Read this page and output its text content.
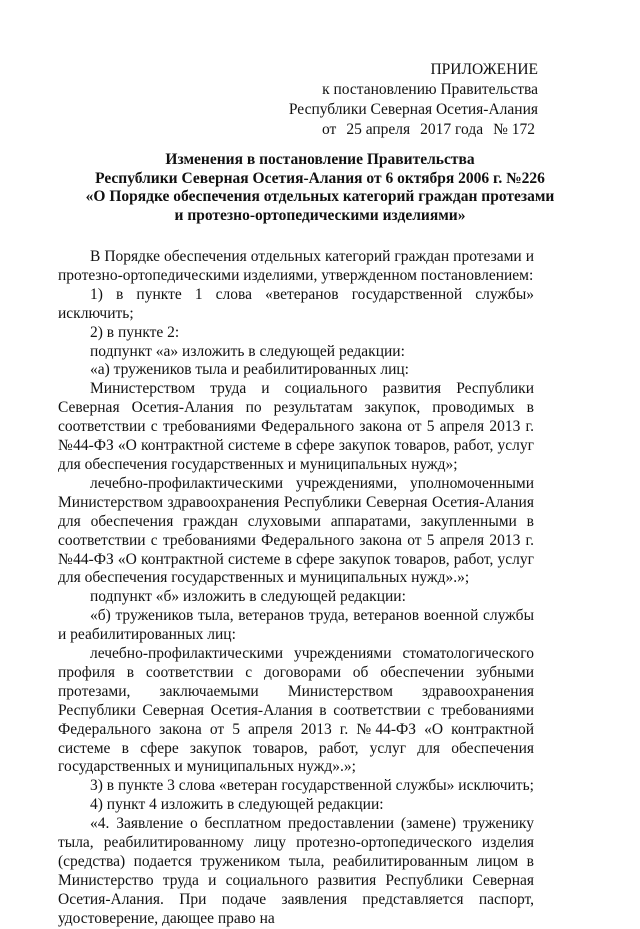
ПРИЛОЖЕНИЕ
к постановлению Правительства
Республики Северная Осетия-Алания
от 25 апреля 2017 года № 172
Изменения в постановление Правительства
Республики Северная Осетия-Алания от 6 октября 2006 г. №226
«О Порядке обеспечения отдельных категорий граждан протезами
и протезно-ортопедическими изделиями»

В Порядке обеспечения отдельных категорий граждан протезами и протезно-ортопедическими изделиями, утвержденном постановлением:

1) в пункте 1 слова «ветеранов государственной службы» исключить;

2) в пункте 2:

подпункт «а» изложить в следующей редакции:

«а) тружеников тыла и реабилитированных лиц:

Министерством труда и социального развития Республики Северная Осетия-Алания по результатам закупок, проводимых в соответствии с требованиями Федерального закона от 5 апреля 2013 г. №44-ФЗ «О контрактной системе в сфере закупок товаров, работ, услуг для обеспечения государственных и муниципальных нужд»;

лечебно-профилактическими учреждениями, уполномоченными Министерством здравоохранения Республики Северная Осетия-Алания для обеспечения граждан слуховыми аппаратами, закупленными в соответствии с требованиями Федерального закона от 5 апреля 2013 г. №44-ФЗ «О контрактной системе в сфере закупок товаров, работ, услуг для обеспечения государственных и муниципальных нужд».»;

подпункт «б» изложить в следующей редакции:

«б) тружеников тыла, ветеранов труда, ветеранов военной службы и реабилитированных лиц:

лечебно-профилактическими учреждениями стоматологического профиля в соответствии с договорами об обеспечении зубными протезами, заключаемыми Министерством здравоохранения Республики Северная Осетия-Алания в соответствии с требованиями Федерального закона от 5 апреля 2013 г. №44-ФЗ «О контрактной системе в сфере закупок товаров, работ, услуг для обеспечения государственных и муниципальных нужд».»;

3) в пункте 3 слова «ветеран государственной службы» исключить;

4) пункт 4 изложить в следующей редакции:

«4. Заявление о бесплатном предоставлении (замене) труженику тыла, реабилитированному лицу протезно-ортопедического изделия (средства) подается тружеником тыла, реабилитированным лицом в Министерство труда и социального развития Республики Северная Осетия-Алания. При подаче заявления представляется паспорт, удостоверение, дающее право на
